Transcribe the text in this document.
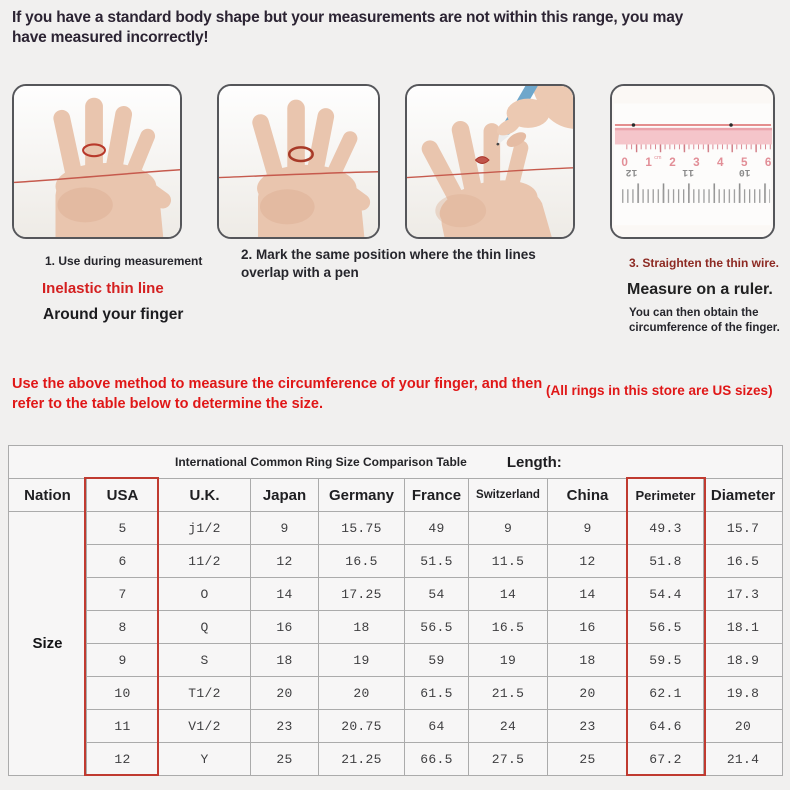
If you have a standard body shape but your measurements are not within this range, you may have measured incorrectly!
0 1 2 3 4 5 6
cm
12	11	10
1. Use during measurement
Inelastic thin line
Around your finger
2. Mark the same position where the thin lines overlap with a pen
3. Straighten the thin wire.
Measure on a ruler.
You can then obtain the circumference of the finger.
Use the above method to measure the circumference of your finger, and then refer to the table below to determine the size.
(All rings in this store are US sizes)
International Common Ring Size Comparison Table Length:									

Nation	USA	U.K.	Japan	Germany	France	Switzerland	China	Perimeter	Diameter
Size	5	j1/2	9	15.75	49	9	9	49.3	15.7
	6	11/2	12	16.5	51.5	11.5	12	51.8	16.5
	7	O	14	17.25	54	14	14	54.4	17.3
	8	Q	16	18	56.5	16.5	16	56.5	18.1
	9	S	18	19	59	19	18	59.5	18.9
	10	T1/2	20	20	61.5	21.5	20	62.1	19.8
	11	V1/2	23	20.75	64	24	23	64.6	20
	12	Y	25	21.25	66.5	27.5	25	67.2	21.4
